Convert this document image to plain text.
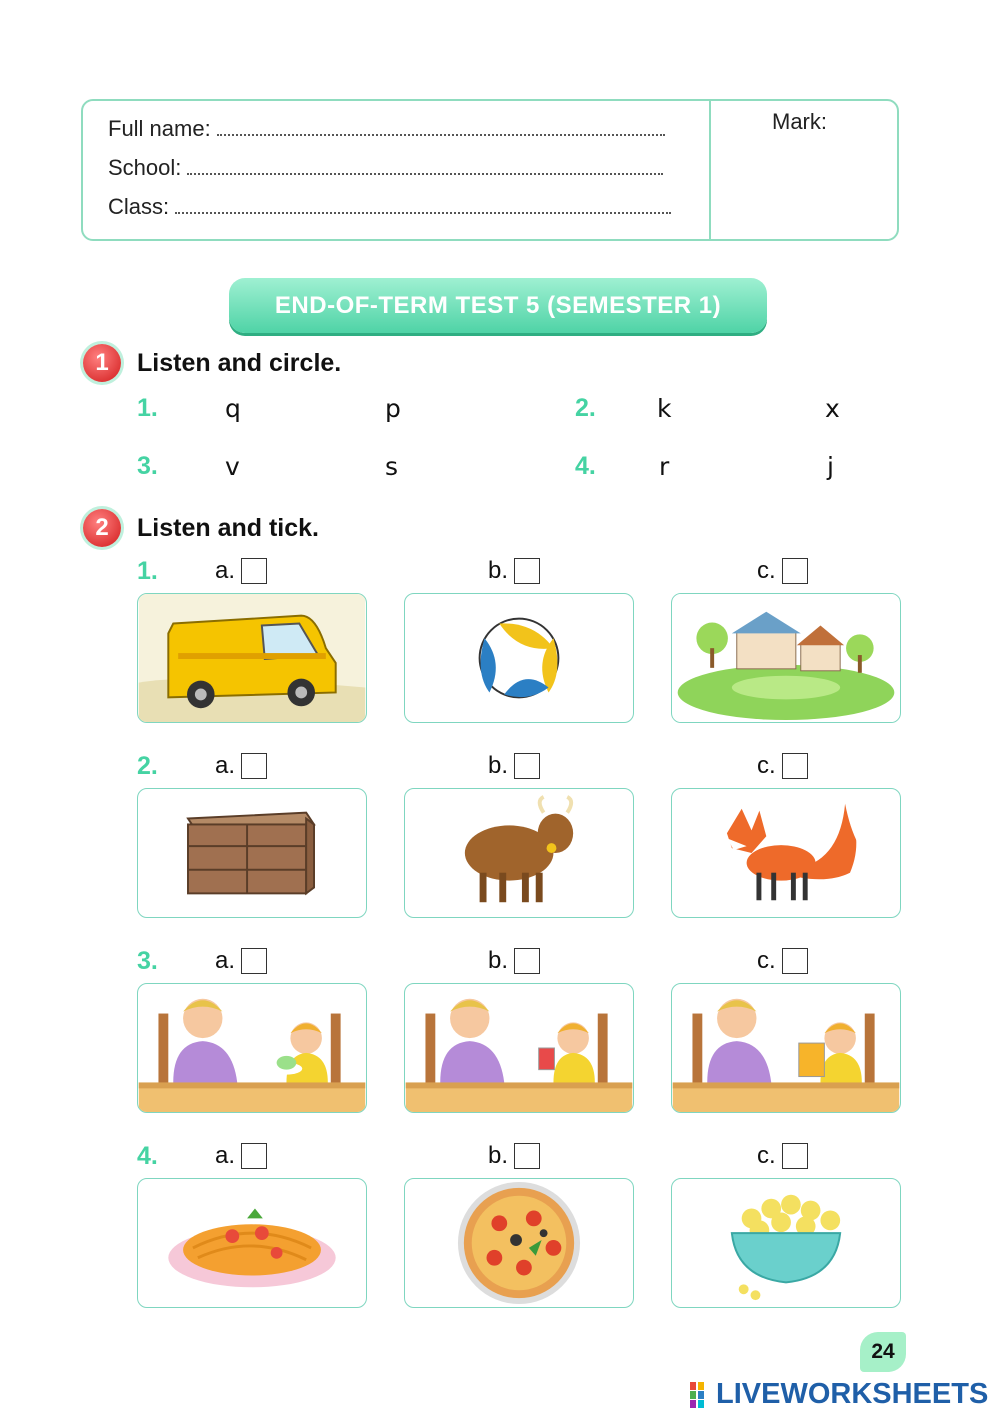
Full name:
School:
Class:
Mark:
END-OF-TERM TEST 5 (SEMESTER 1)
1 Listen and circle.
1.	q	p	2. k	x
3.	v	s	4.	r	j
2 Listen and tick.
1. a.	b.	c.
2. a.	b.	c.
3. a.	b.	c.
4. a.	b.	c.
24
LIVEWORKSHEETS
